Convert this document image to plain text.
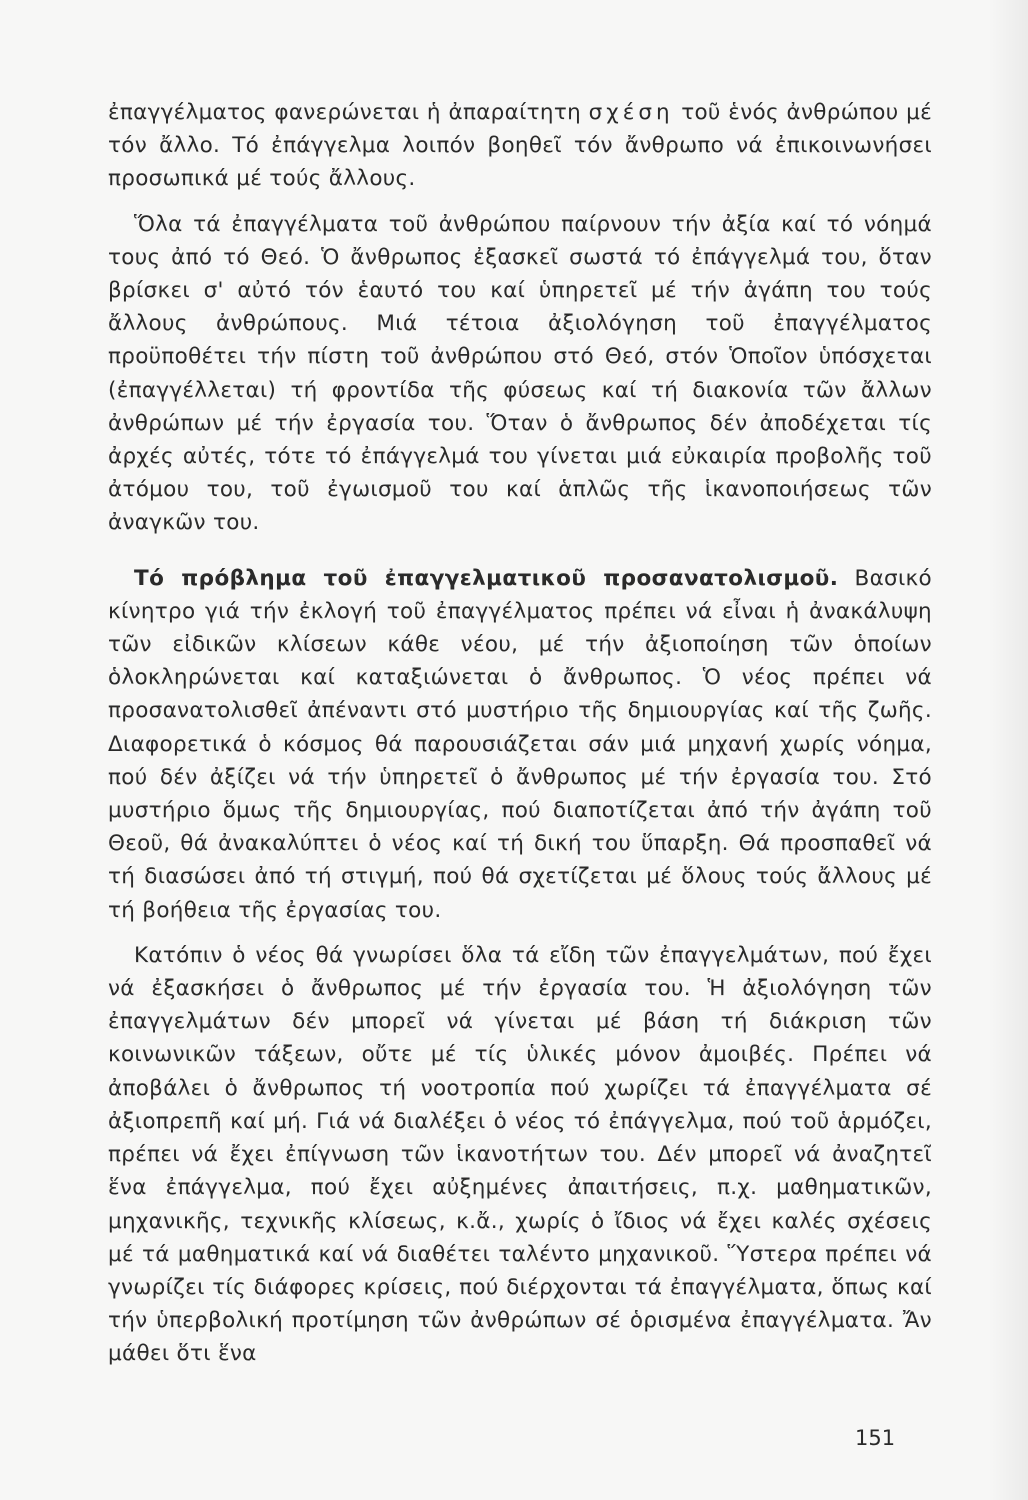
ἐπαγγέλματος φανερώνεται ἡ ἀπαραίτητη σχέση τοῦ ἑνός ἀνθρώπου μέ τόν ἄλλο. Τό ἐπάγγελμα λοιπόν βοηθεῖ τόν ἄνθρωπο νά ἐπικοινωνήσει προσωπικά μέ τούς ἄλλους.

Ὅλα τά ἐπαγγέλματα τοῦ ἀνθρώπου παίρνουν τήν ἀξία καί τό νόημά τους ἀπό τό Θεό. Ὁ ἄνθρωπος ἐξασκεῖ σωστά τό ἐπάγγελμά του, ὅταν βρίσκει σ' αὐτό τόν ἑαυτό του καί ὑπηρετεῖ μέ τήν ἀγάπη του τούς ἄλλους ἀνθρώπους. Μιά τέτοια ἀξιολόγηση τοῦ ἐπαγγέλματος προϋποθέτει τήν πίστη τοῦ ἀνθρώπου στό Θεό, στόν Ὁποῖον ὑπόσχεται (ἐπαγγέλλεται) τή φροντίδα τῆς φύσεως καί τή διακονία τῶν ἄλλων ἀνθρώπων μέ τήν ἐργασία του. Ὅταν ὁ ἄνθρωπος δέν ἀποδέχεται τίς ἀρχές αὐτές, τότε τό ἐπάγγελμά του γίνεται μιά εὐκαιρία προβολῆς τοῦ ἀτόμου του, τοῦ ἐγωισμοῦ του καί ἁπλῶς τῆς ἱκανοποιήσεως τῶν ἀναγκῶν του.

Τό πρόβλημα τοῦ ἐπαγγελματικοῦ προσανατολισμοῦ. Βασικό κίνητρο γιά τήν ἐκλογή τοῦ ἐπαγγέλματος πρέπει νά εἶναι ἡ ἀνακάλυψη τῶν εἰδικῶν κλίσεων κάθε νέου, μέ τήν ἀξιοποίηση τῶν ὁποίων ὁλοκληρώνεται καί καταξιώνεται ὁ ἄνθρωπος. Ὁ νέος πρέπει νά προσανατολισθεῖ ἀπέναντι στό μυστήριο τῆς δημιουργίας καί τῆς ζωῆς. Διαφορετικά ὁ κόσμος θά παρουσιάζεται σάν μιά μηχανή χωρίς νόημα, πού δέν ἀξίζει νά τήν ὑπηρετεῖ ὁ ἄνθρωπος μέ τήν ἐργασία του. Στό μυστήριο ὅμως τῆς δημιουργίας, πού διαποτίζεται ἀπό τήν ἀγάπη τοῦ Θεοῦ, θά ἀνακαλύπτει ὁ νέος καί τή δική του ὕπαρξη. Θά προσπαθεῖ νά τή διασώσει ἀπό τή στιγμή, πού θά σχετίζεται μέ ὅλους τούς ἄλλους μέ τή βοήθεια τῆς ἐργασίας του.

Κατόπιν ὁ νέος θά γνωρίσει ὅλα τά εἴδη τῶν ἐπαγγελμάτων, πού ἔχει νά ἐξασκήσει ὁ ἄνθρωπος μέ τήν ἐργασία του. Ἡ ἀξιολόγηση τῶν ἐπαγγελμάτων δέν μπορεῖ νά γίνεται μέ βάση τή διάκριση τῶν κοινωνικῶν τάξεων, οὔτε μέ τίς ὑλικές μόνον ἀμοιβές. Πρέπει νά ἀποβάλει ὁ ἄνθρωπος τή νοοτροπία πού χωρίζει τά ἐπαγγέλματα σέ ἀξιοπρεπῆ καί μή. Γιά νά διαλέξει ὁ νέος τό ἐπάγγελμα, πού τοῦ ἁρμόζει, πρέπει νά ἔχει ἐπίγνωση τῶν ἱκανοτήτων του. Δέν μπορεῖ νά ἀναζητεῖ ἕνα ἐπάγγελμα, πού ἔχει αὐξημένες ἀπαιτήσεις, π.χ. μαθηματικῶν, μηχανικῆς, τεχνικῆς κλίσεως, κ.ἄ., χωρίς ὁ ἴδιος νά ἔχει καλές σχέσεις μέ τά μαθηματικά καί νά διαθέτει ταλέντο μηχανικοῦ. Ὕστερα πρέπει νά γνωρίζει τίς διάφορες κρίσεις, πού διέρχονται τά ἐπαγγέλματα, ὅπως καί τήν ὑπερβολική προτίμηση τῶν ἀνθρώπων σέ ὁρισμένα ἐπαγγέλματα. Ἄν μάθει ὅτι ἕνα

151
